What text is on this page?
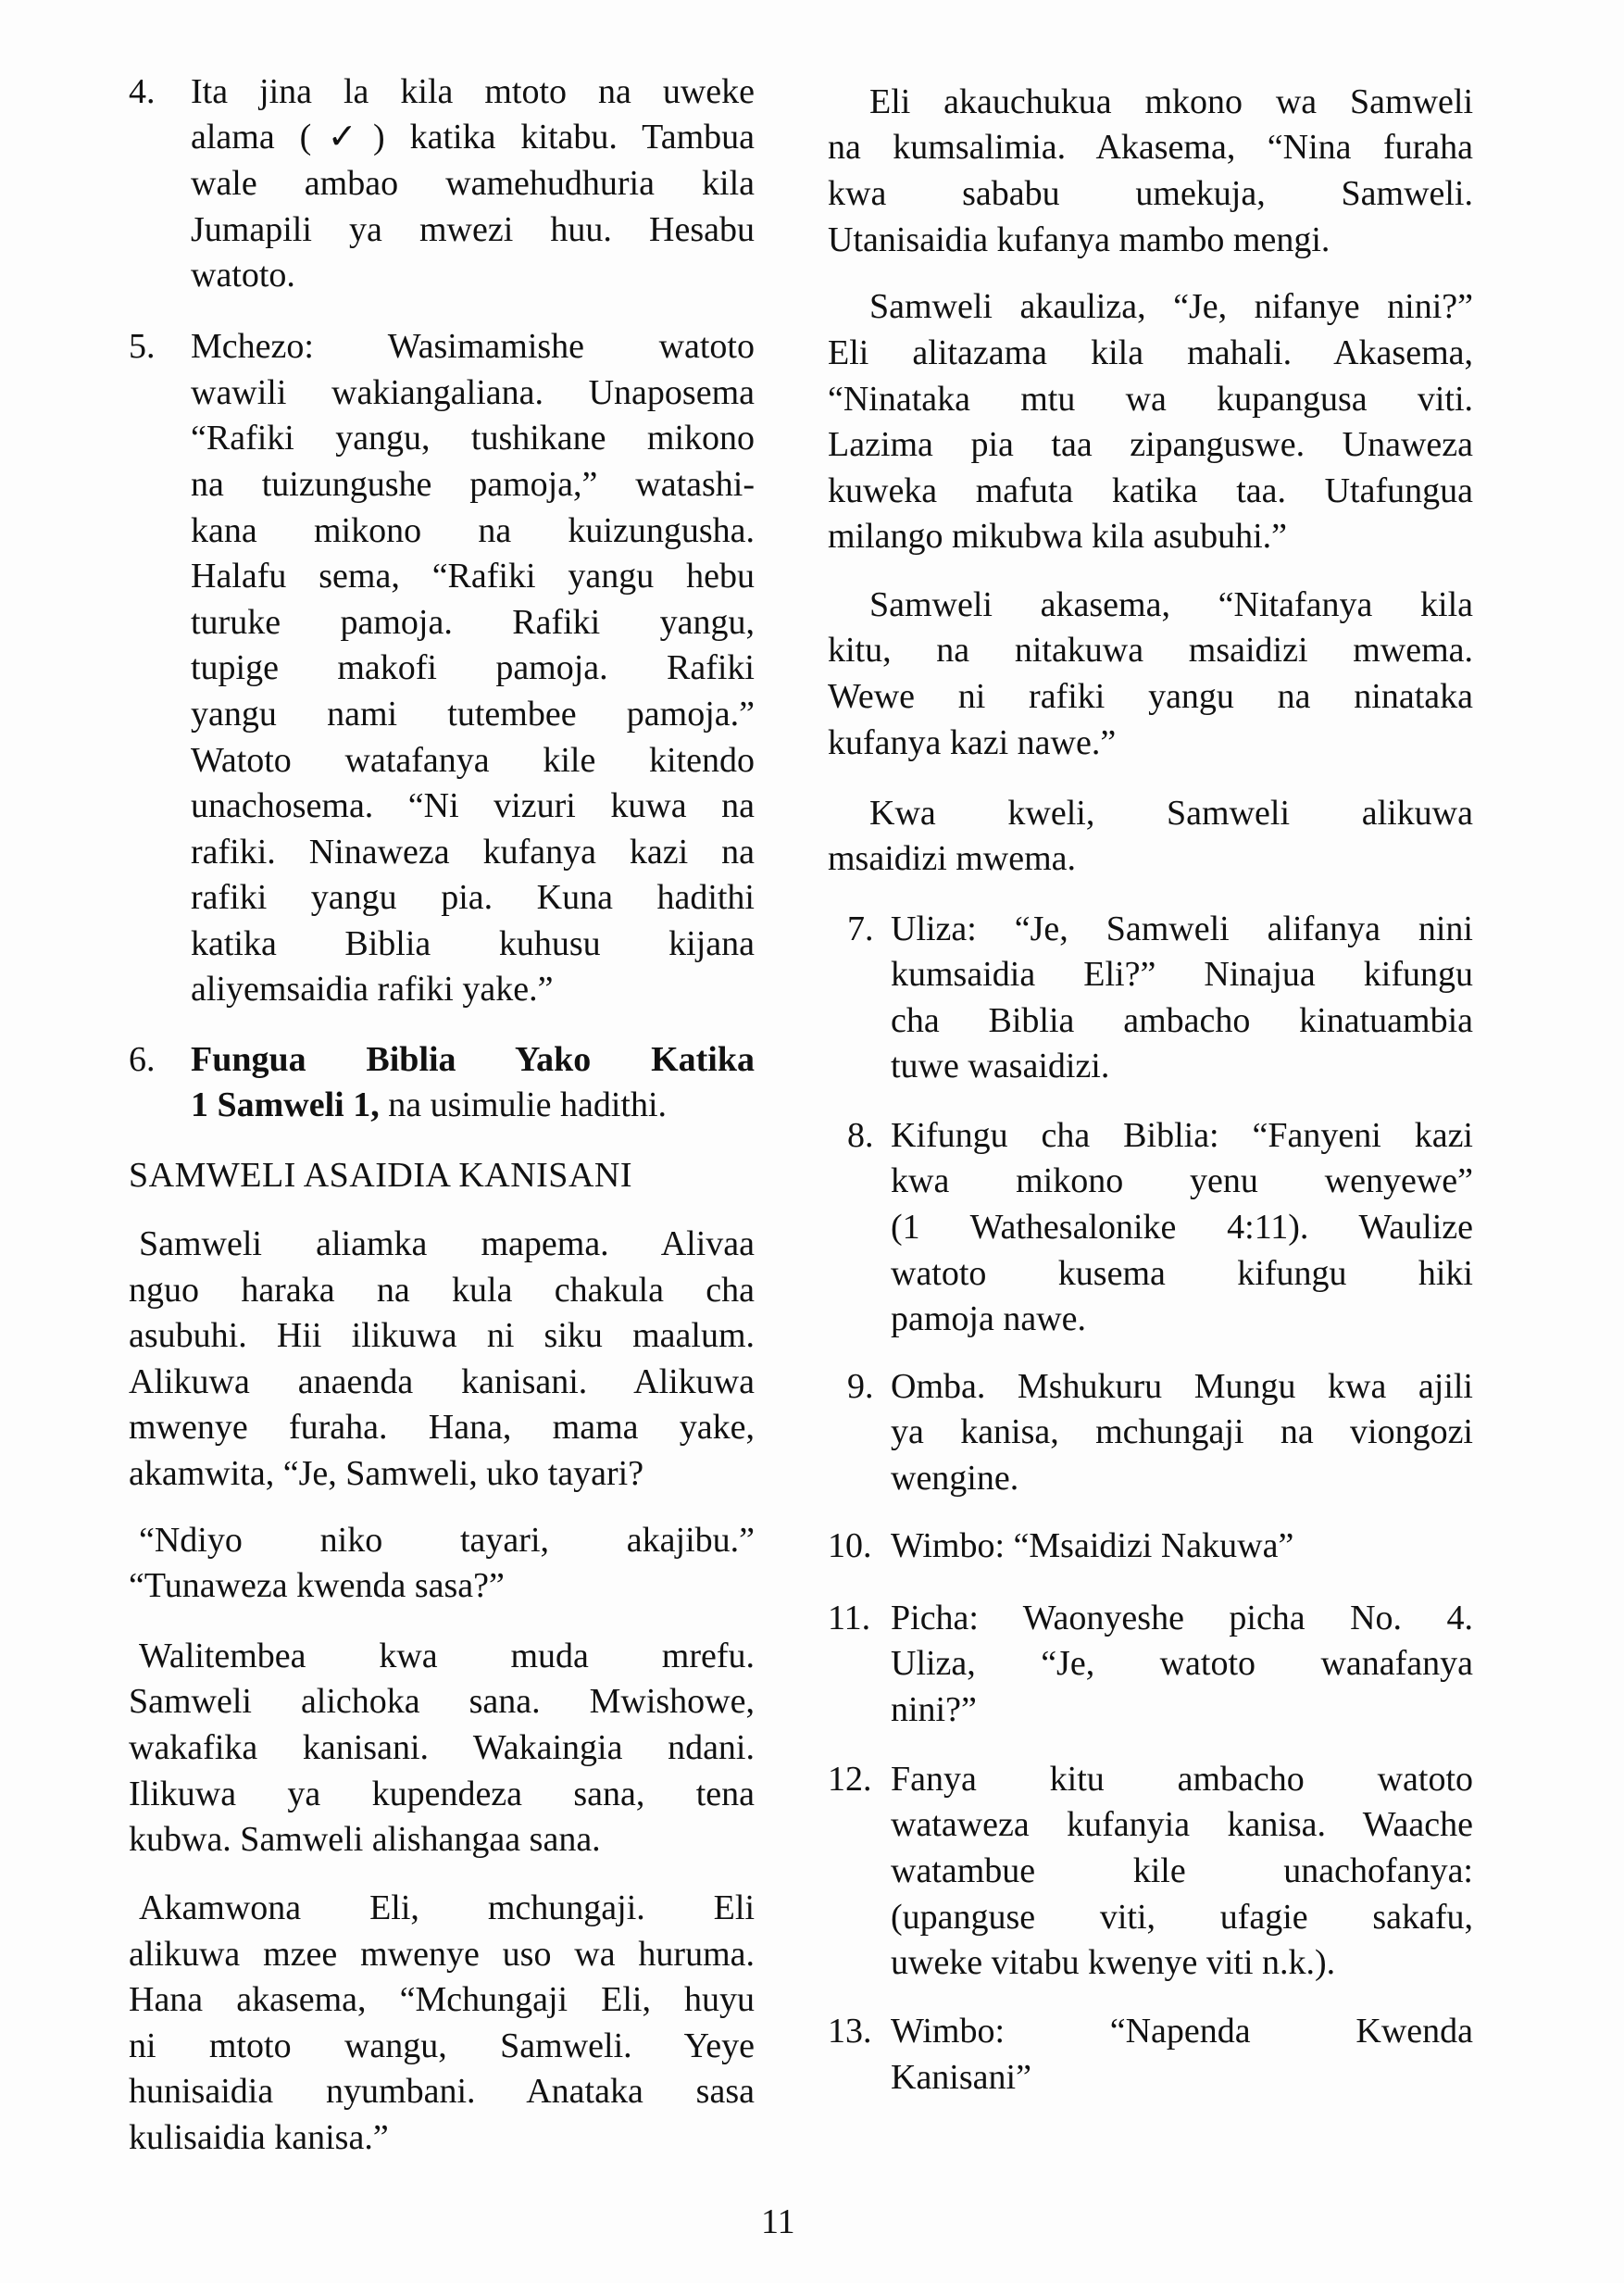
11
Ita jina la kila mtoto na uweke
alama (✓) katika kitabu. Tambua
wale ambao wamehudhuria kila
Jumapili ya mwezi huu. Hesabu
watoto.
4.
Mchezo: Wasimamishe watoto
wawili wakiangaliana. Unaposema
“Rafiki yangu, tushikane mikono
na tuizungushe pamoja,” watashi-
kana mikono na kuizungusha.
Halafu sema, “Rafiki yangu hebu
turuke pamoja. Rafiki yangu,
tupige makofi pamoja. Rafiki
yangu nami tutembee pamoja.”
Watoto watafanya kile kitendo
unachosema. “Ni vizuri kuwa na
rafiki. Ninaweza kufanya kazi na
rafiki yangu pia. Kuna hadithi
katika Biblia kuhusu kijana
aliyemsaidia rafiki yake.”
5.
Samweli aliamka mapema. Alivaa
nguo haraka na kula chakula cha
asubuhi. Hii ilikuwa ni siku maalum.
Alikuwa anaenda kanisani. Alikuwa
mwenye furaha. Hana, mama yake,
akamwita, “Je, Samweli, uko tayari?
“Ndiyo niko tayari, akajibu.”
“Tunaweza kwenda sasa?”
Walitembea kwa muda mrefu.
Samweli alichoka sana. Mwishowe,
wakafika kanisani. Wakaingia ndani.
Ilikuwa ya kupendeza sana, tena
kubwa. Samweli alishangaa sana.
Akamwona Eli, mchungaji. Eli
alikuwa mzee mwenye uso wa huruma.
Hana akasema, “Mchungaji Eli, huyu
ni mtoto wangu, Samweli. Yeye
hunisaidia nyumbani. Anataka sasa
kulisaidia kanisa.”
Eli akauchukua mkono wa Samweli
na kumsalimia. Akasema, “Nina furaha
kwa sababu umekuja, Samweli.
Utanisaidia kufanya mambo mengi.
Samweli akauliza, “Je, nifanye nini?”
Eli alitazama kila mahali. Akasema,
“Ninataka mtu wa kupangusa viti.
Lazima pia taa zipanguswe. Unaweza
kuweka mafuta katika taa. Utafungua
milango mikubwa kila asubuhi.”
Samweli akasema, “Nitafanya kila
kitu, na nitakuwa msaidizi mwema.
Wewe ni rafiki yangu na ninataka
kufanya kazi nawe.”
Kwa kweli, Samweli alikuwa
msaidizi mwema.
Uliza: “Je, Samweli alifanya nini
kumsaidia Eli?” Ninajua kifungu
cha Biblia ambacho kinatuambia
tuwe wasaidizi.
7.
Kifungu cha Biblia: “Fanyeni kazi
kwa mikono yenu wenyewe”
(1 Wathesalonike 4:11). Waulize
watoto kusema kifungu hiki
pamoja nawe.
8.
Omba. Mshukuru Mungu kwa ajili
ya kanisa, mchungaji na viongozi
wengine.
9.
Wimbo: “Msaidizi Nakuwa”
10.
Picha: Waonyeshe picha No. 4.
Uliza, “Je, watoto wanafanya
nini?”
11.
Fanya kitu ambacho watoto
wataweza kufanyia kanisa. Waache
watambue kile unachofanya:
(upanguse viti, ufagie sakafu,
uweke vitabu kwenye viti n.k.).
12.
Wimbo: “Napenda Kwenda
Kanisani”
13.
6. Fungua Biblia Yako Katika
1 Samweli 1, na usimulie hadithi.
SAMWELI ASAIDIA KANISANI
